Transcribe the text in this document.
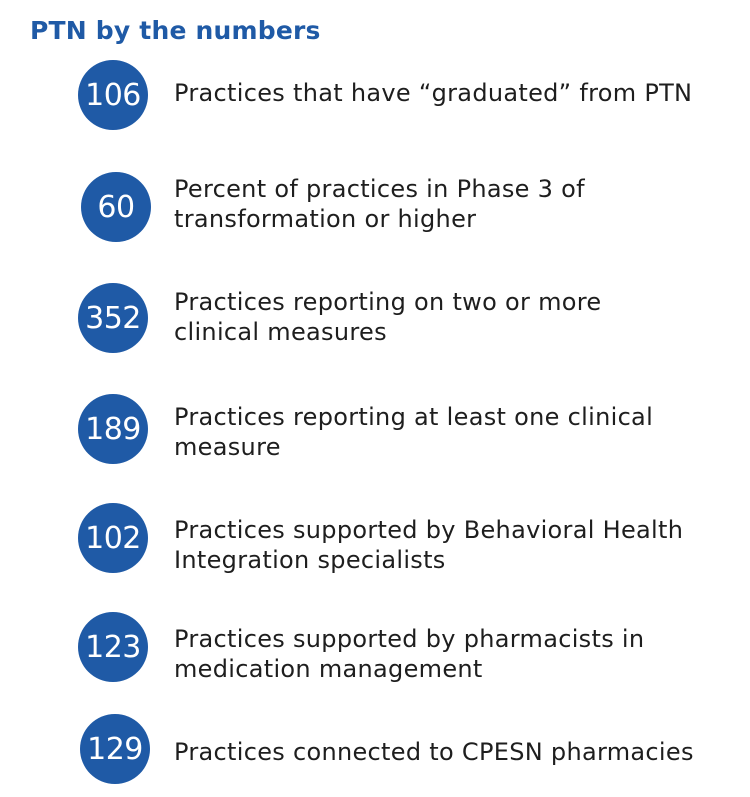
PTN by the numbers
106 Practices that have “graduated” from PTN
60
Percent of practices in Phase 3 of transformation or higher
352 Practices reporting on two or more clinical measures
189 Practices reporting at least one clinical measure
102 Practices supported by Behavioral Health Integration specialists
123 Practices supported by pharmacists in medication management
129 Practices connected to CPESN pharmacies
